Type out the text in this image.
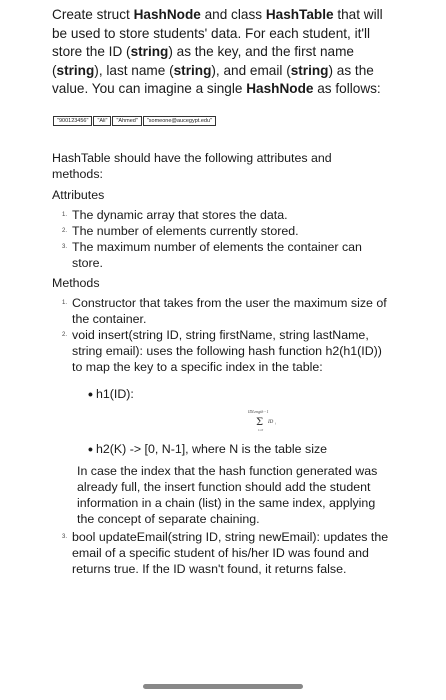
Create struct HashNode and class HashTable that will be used to store students' data. For each student, it'll store the ID (string) as the key, and the first name (string), last name (string), and email (string) as the value. You can imagine a single HashNode as follows:
"900123456"	"Ali"	"Ahmed"	"someone@aucegypt.edu"
HashTable should have the following attributes and methods:
Attributes
1. The dynamic array that stores the data.
2. The number of elements currently stored.
3. The maximum number of elements the container can store.
Methods
1. Constructor that takes from the user the maximum size of the container.
2. void insert(string ID, string firstName, string lastName, string email): uses the following hash function h2(h1(ID)) to map the key to a specific index in the table:
• h1(ID):
IDLength - 1
Σ
i=0
ID i
• h2(K) -> [0, N-1], where N is the table size
In case the index that the hash function generated was already full, the insert function should add the student information in a chain (list) in the same index, applying the concept of separate chaining.
3. bool updateEmail(string ID, string newEmail): updates the email of a specific student of his/her ID was found and returns true. If the ID wasn't found, it returns false.
